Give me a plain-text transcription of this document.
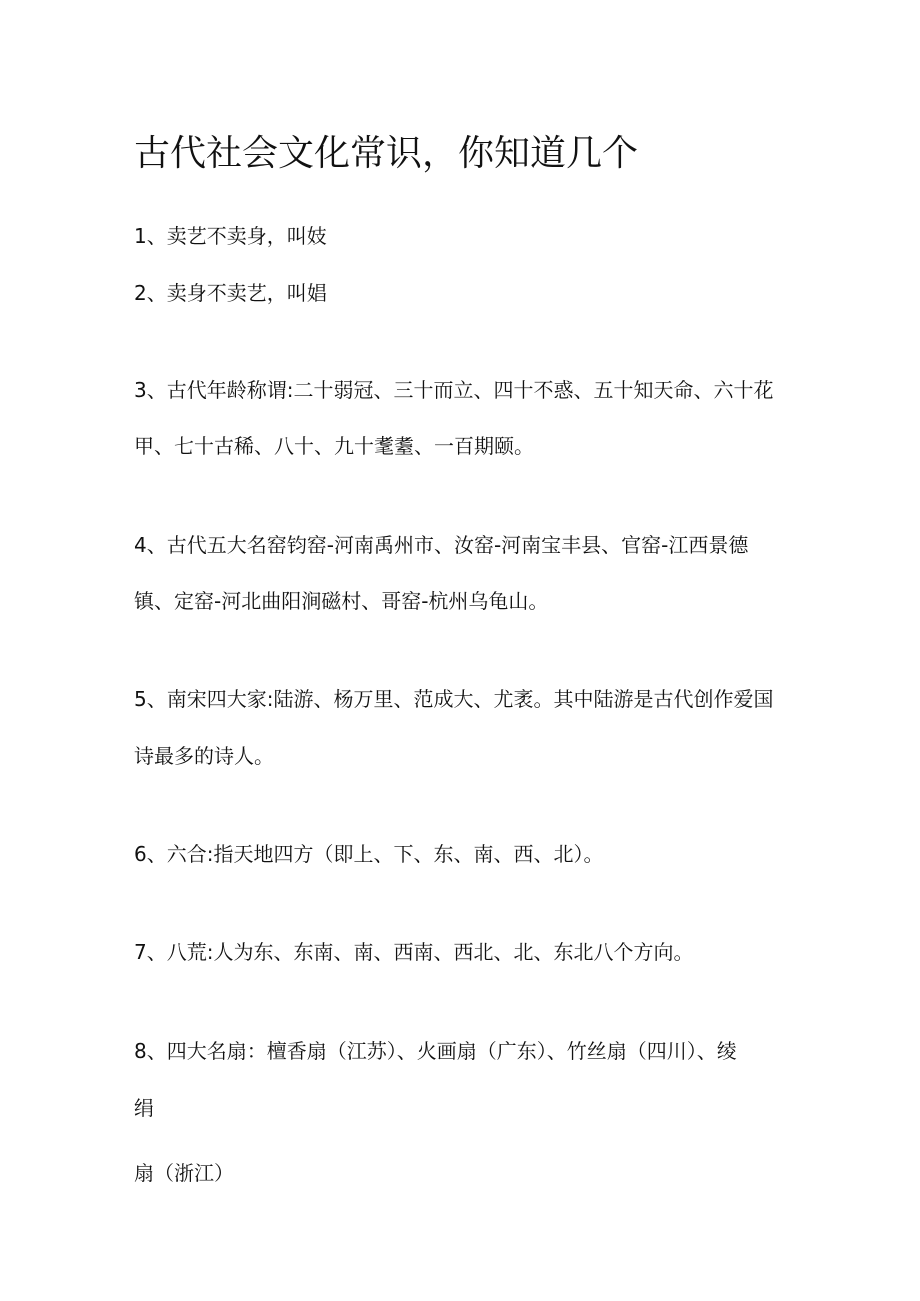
古代社会文化常识，你知道几个

1、卖艺不卖身，叫妓

2、卖身不卖艺，叫娼

3、古代年龄称谓:二十弱冠、三十而立、四十不惑、五十知天命、六十花

甲、七十古稀、八十、九十耄耋、一百期颐。

4、古代五大名窑钧窑-河南禹州市、汝窑-河南宝丰县、官窑-江西景德

镇、定窑-河北曲阳涧磁村、哥窑-杭州乌龟山。

5、南宋四大家:陆游、杨万里、范成大、尤袤。其中陆游是古代创作爱国

诗最多的诗人。

6、六合:指天地四方（即上、下、东、南、西、北）。

7、八荒:人为东、东南、南、西南、西北、北、东北八个方向。

8、四大名扇：檀香扇（江苏）、火画扇（广东）、竹丝扇（四川）、绫

绢

扇（浙江）
